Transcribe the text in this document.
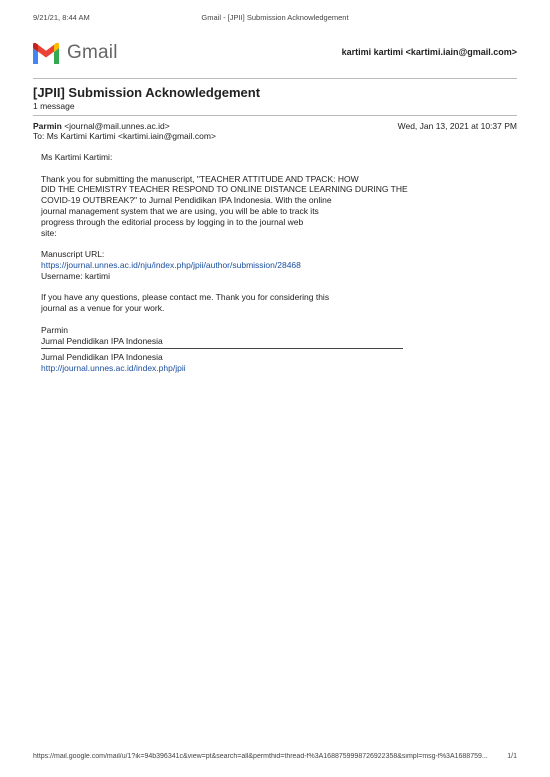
9/21/21, 8:44 AM	Gmail - [JPII] Submission Acknowledgement
Gmail	kartimi kartimi <kartimi.iain@gmail.com>
[JPII] Submission Acknowledgement
1 message
Parmin <journal@mail.unnes.ac.id>	Wed, Jan 13, 2021 at 10:37 PM
To: Ms Kartimi Kartimi <kartimi.iain@gmail.com>
Ms Kartimi Kartimi:
Thank you for submitting the manuscript, "TEACHER ATTITUDE AND TPACK: HOW
DID THE CHEMISTRY TEACHER RESPOND TO ONLINE DISTANCE LEARNING DURING THE
COVID-19 OUTBREAK?" to Jurnal Pendidikan IPA Indonesia. With the online
journal management system that we are using, you will be able to track its
progress through the editorial process by logging in to the journal web
site:
Manuscript URL:
https://journal.unnes.ac.id/nju/index.php/jpii/author/submission/28468
Username: kartimi
If you have any questions, please contact me. Thank you for considering this
journal as a venue for your work.
Parmin
Jurnal Pendidikan IPA Indonesia
Jurnal Pendidikan IPA Indonesia
http://journal.unnes.ac.id/index.php/jpii
https://mail.google.com/mail/u/1?ik=94b396341c&view=pt&search=all&permthid=thread-f%3A1688759998726922358&simpl=msg-f%3A1688759...	1/1
